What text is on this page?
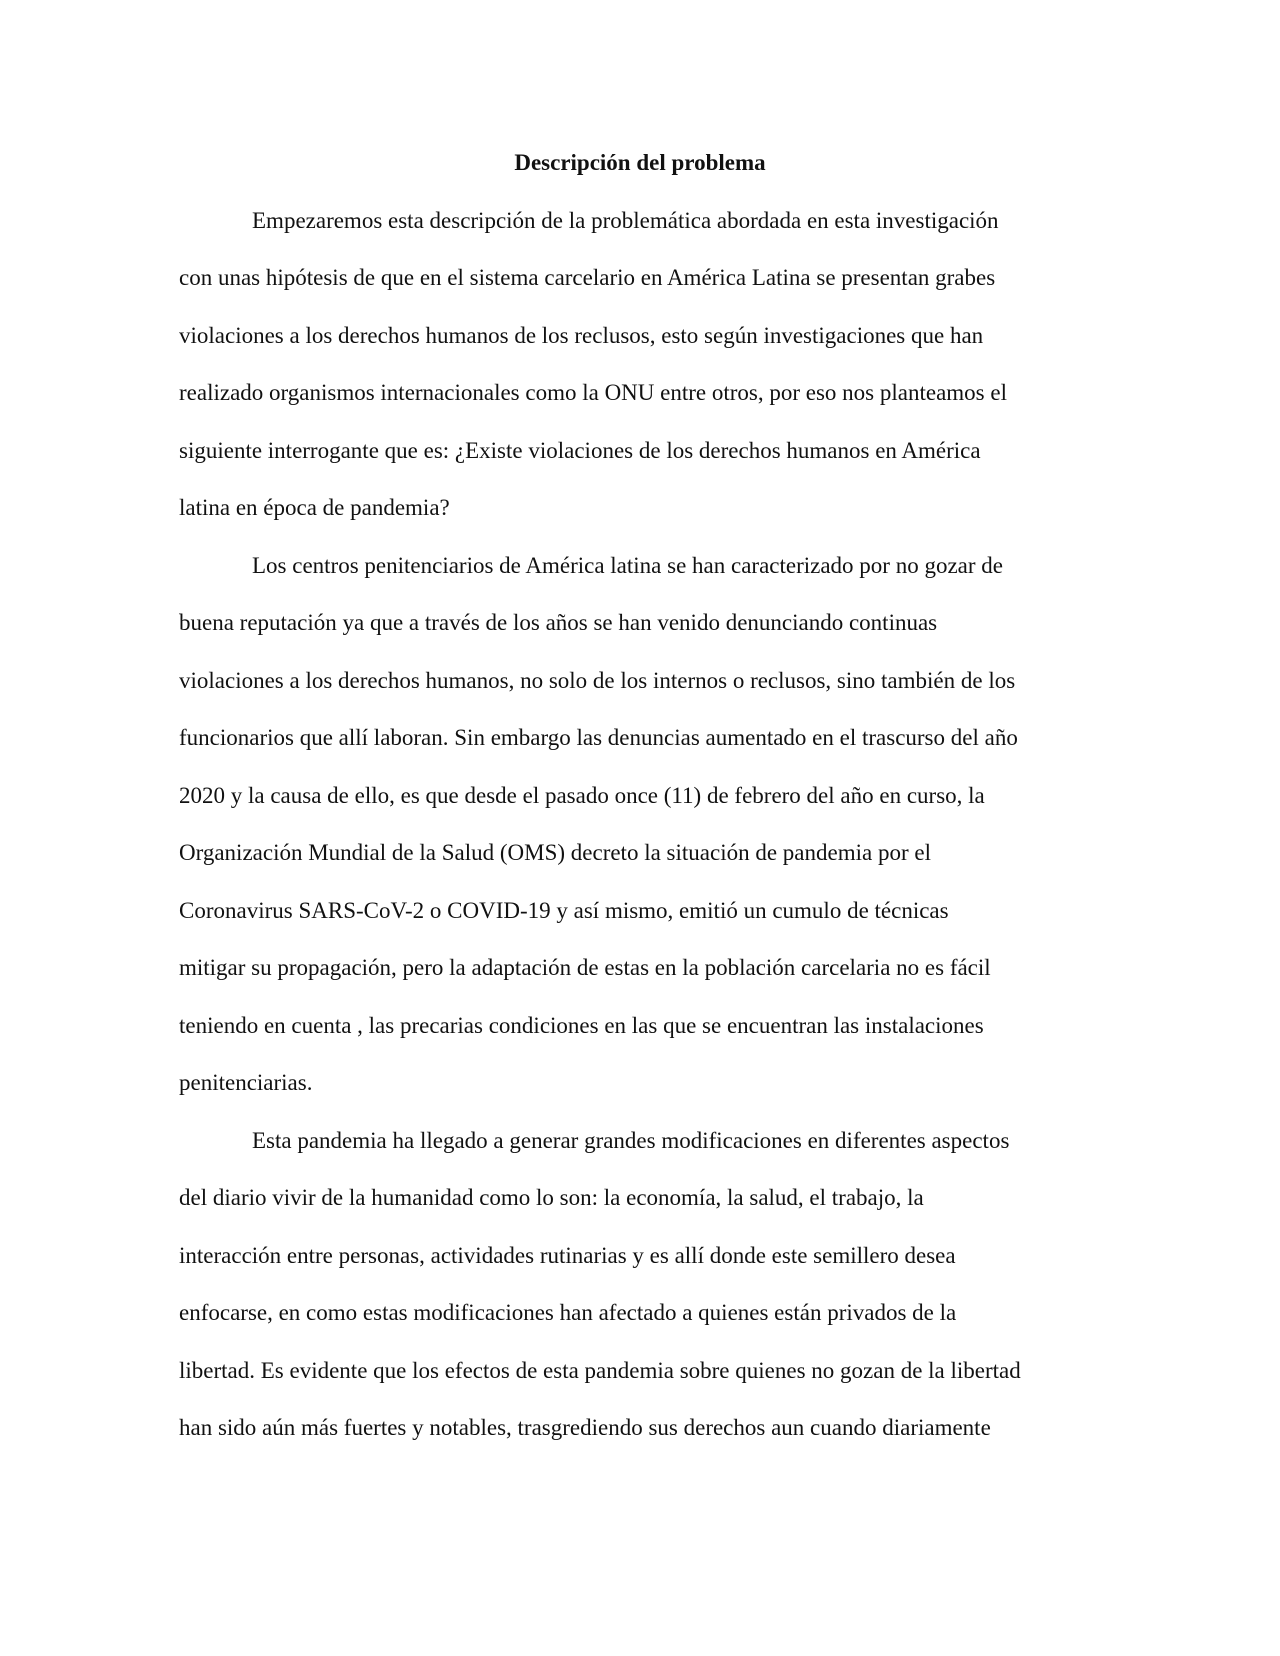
Descripción del problema

Empezaremos esta descripción de la problemática abordada en esta investigación

con unas hipótesis de que en el sistema carcelario en América Latina se presentan grabes

violaciones a los derechos humanos de los reclusos, esto según investigaciones que han

realizado organismos internacionales como la ONU entre otros, por eso nos planteamos el

siguiente interrogante que es: ¿Existe violaciones de los derechos humanos en América

latina en época de pandemia?

Los centros penitenciarios de América latina se han caracterizado por no gozar de

buena reputación ya que a través de los años se han venido denunciando continuas

violaciones a los derechos humanos, no solo de los internos o reclusos, sino también de los

funcionarios que allí laboran. Sin embargo las denuncias aumentado en el trascurso del año

2020 y la causa de ello, es que desde el pasado once (11) de febrero del año en curso, la

Organización Mundial de la Salud (OMS) decreto la situación de pandemia por el

Coronavirus SARS-CoV-2 o COVID-19 y así mismo, emitió un cumulo de técnicas

mitigar su propagación, pero la adaptación de estas en la población carcelaria no es fácil

teniendo en cuenta , las precarias condiciones en las que se encuentran las instalaciones

penitenciarias.

Esta pandemia ha llegado a generar grandes modificaciones en diferentes aspectos

del diario vivir de la humanidad como lo son: la economía, la salud, el trabajo, la

interacción entre personas, actividades rutinarias y es allí donde este semillero desea

enfocarse, en como estas modificaciones han afectado a quienes están privados de la

libertad. Es evidente que los efectos de esta pandemia sobre quienes no gozan de la libertad

han sido aún más fuertes y notables, trasgrediendo sus derechos aun cuando diariamente
